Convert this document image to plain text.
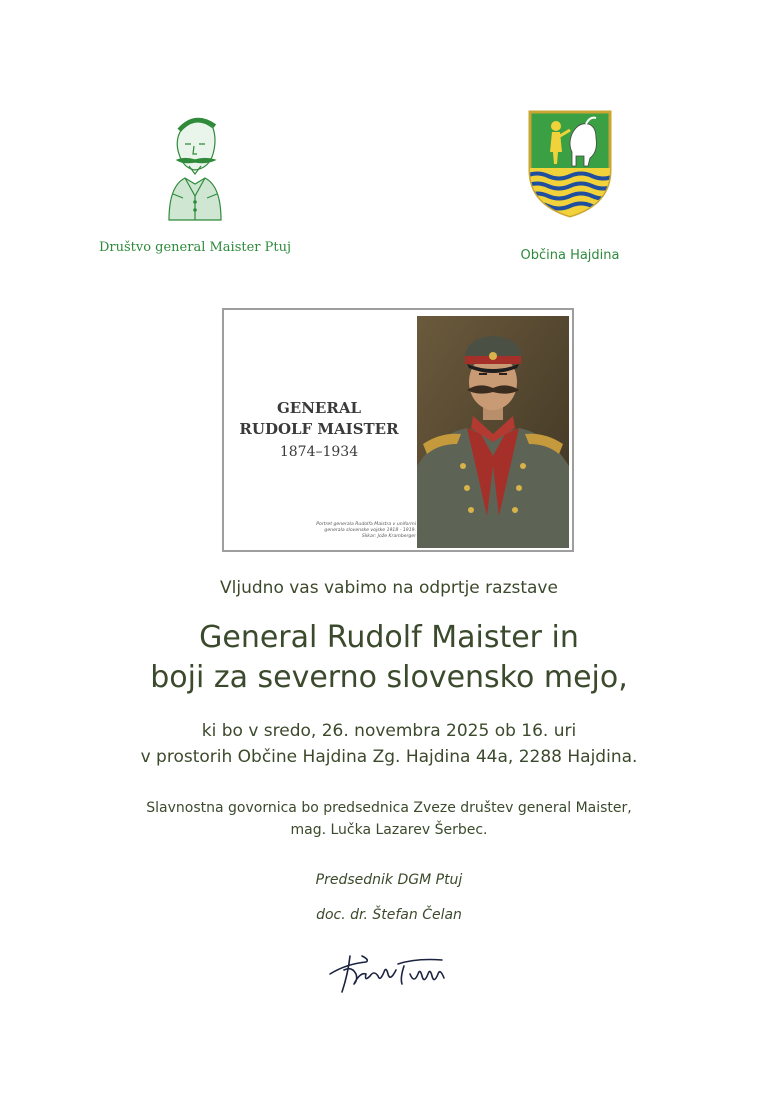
Društvo general Maister Ptuj
Občina Hajdina
GENERAL
RUDOLF MAISTER
1874–1934
Portret generala Rudolfa Maistra v uniformi
generala slovenske vojske 1918 - 1919.
Slikar: Jože Kramberger
Vljudno vas vabimo na odprtje razstave
General Rudolf Maister in
boji za severno slovensko mejo,
ki bo v sredo, 26. novembra 2025 ob 16. uri
v prostorih Občine Hajdina Zg. Hajdina 44a, 2288 Hajdina.
Slavnostna govornica bo predsednica Zveze društev general Maister,
mag. Lučka Lazarev Šerbec.
Predsednik DGM Ptuj
doc. dr. Štefan Čelan
